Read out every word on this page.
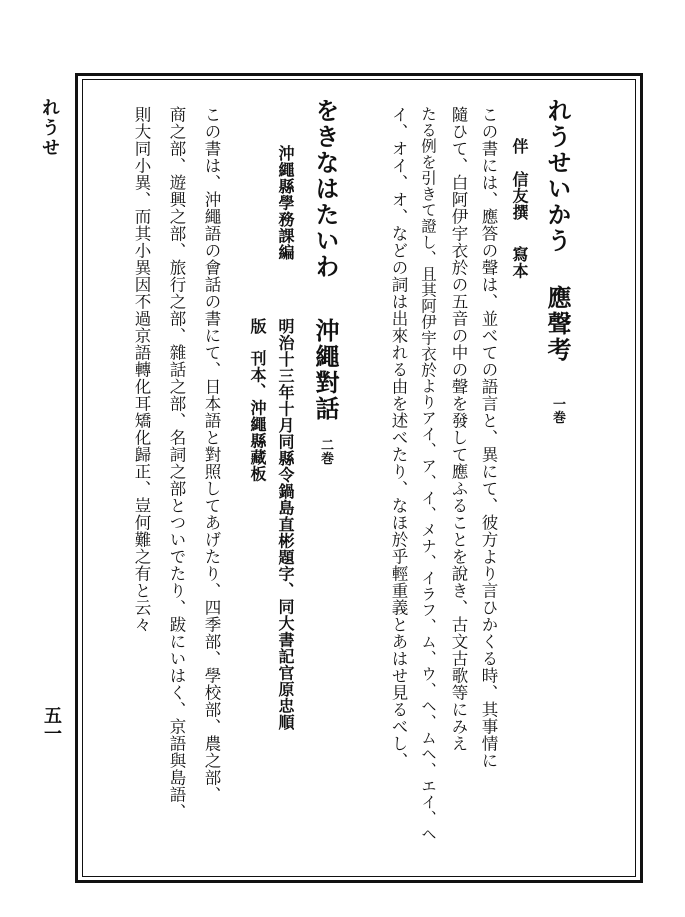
れうせ
五一
れうせいかう
應聲考
一巻
伴　信友撰
寫本
この書には、應答の聲は、並べての語言と、異にて、彼方より言ひかくる時、其事情に
隨ひて、白阿伊宇衣於の五音の中の聲を發して應ふることを說き、古文古歌等にみえ
たる例を引きて證し、且其阿伊宇衣於よりアイ、ア、イ、メナ、イラフ、ム、ウ、ヘ、ムヘ、エイ、ヘ
イ、オイ、オ、などの詞は出來れる由を述べたり、なほ於乎輕重義とあはせ見るべし、
をきなはたいわ
沖繩對話
二巻
沖繩縣學務課編
明治十三年十月同縣令鍋島直彬題字、同大書記官原忠順
版
刊本、沖繩縣藏板
この書は、沖繩語の會話の書にて、日本語と對照してあげたり、四季部、學校部、農之部、
商之部、遊興之部、旅行之部、雜話之部、名詞之部とついでたり、跋にいはく、京語與島語、
則大同小異、而其小異因不過京語轉化耳矯化歸正、豈何難之有と云々
